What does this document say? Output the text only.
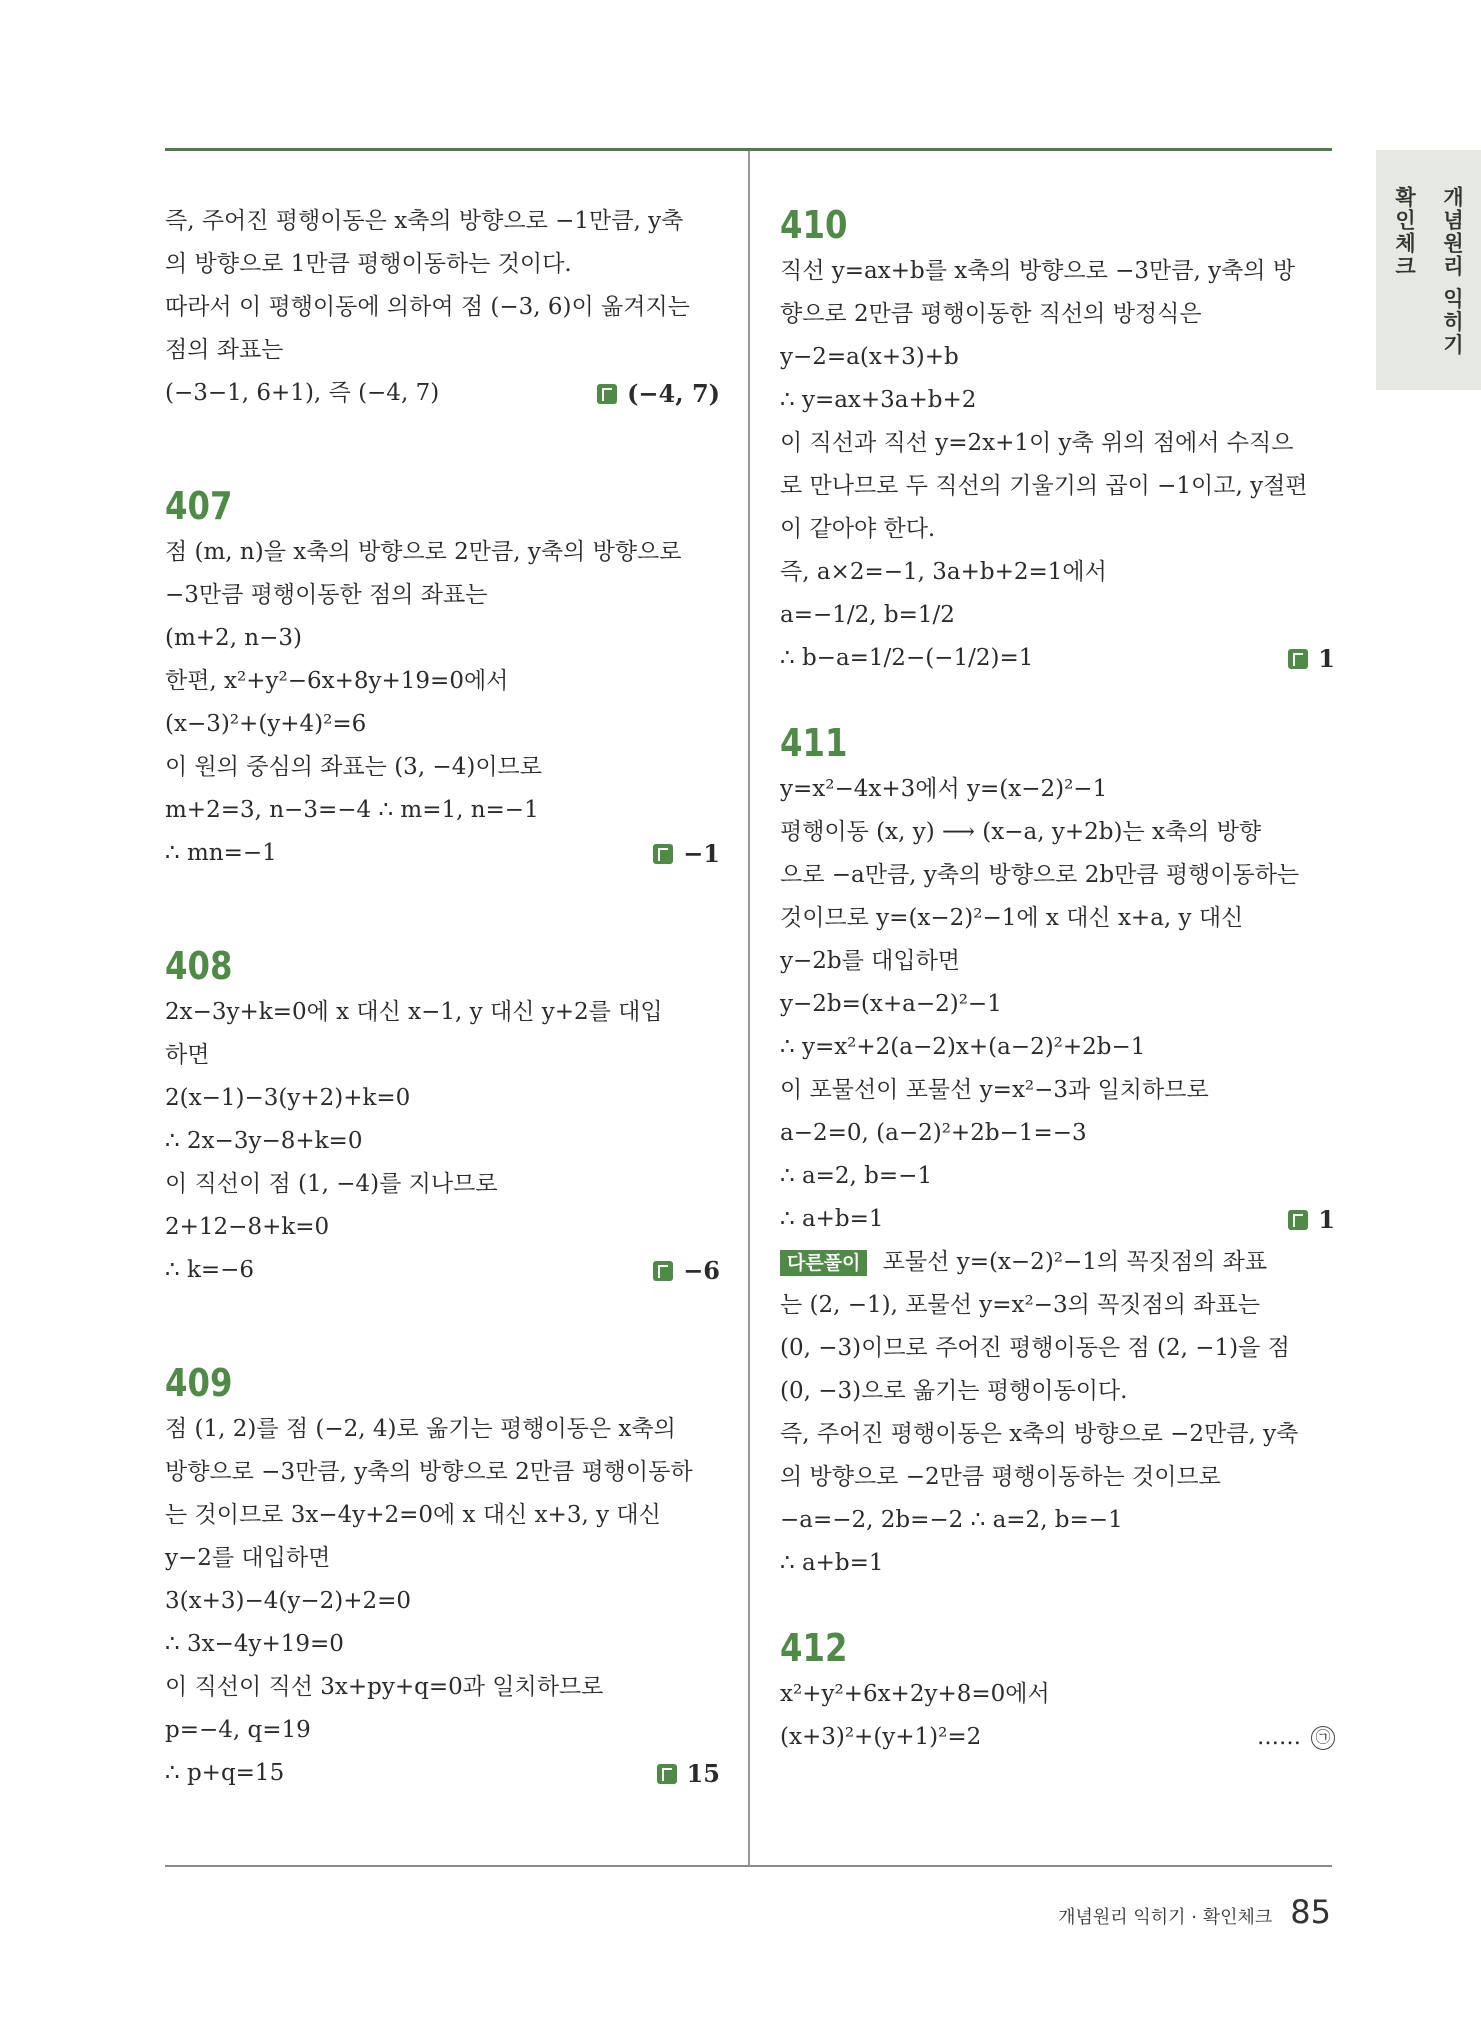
확인체크 개념원리 익히기
즉, 주어진 평행이동은 x축의 방향으로 −1만큼, y축
의 방향으로 1만큼 평행이동하는 것이다.
따라서 이 평행이동에 의하여 점 (−3, 6)이 옮겨지는
점의 좌표는
(−3−1, 6+1), 즉 (−4, 7)	(−4, 7)
407
점 (m, n)을 x축의 방향으로 2만큼, y축의 방향으로
−3만큼 평행이동한 점의 좌표는
(m+2, n−3)
한편, x²+y²−6x+8y+19=0에서
(x−3)²+(y+4)²=6
이 원의 중심의 좌표는 (3, −4)이므로
m+2=3, n−3=−4 ∴ m=1, n=−1
∴ mn=−1	−1
408
2x−3y+k=0에 x 대신 x−1, y 대신 y+2를 대입
하면
2(x−1)−3(y+2)+k=0
∴ 2x−3y−8+k=0
이 직선이 점 (1, −4)를 지나므로
2+12−8+k=0
∴ k=−6	−6
409
점 (1, 2)를 점 (−2, 4)로 옮기는 평행이동은 x축의
방향으로 −3만큼, y축의 방향으로 2만큼 평행이동하
는 것이므로 3x−4y+2=0에 x 대신 x+3, y 대신
y−2를 대입하면
3(x+3)−4(y−2)+2=0
∴ 3x−4y+19=0
이 직선이 직선 3x+py+q=0과 일치하므로
p=−4, q=19
∴ p+q=15	15
410
직선 y=ax+b를 x축의 방향으로 −3만큼, y축의 방
향으로 2만큼 평행이동한 직선의 방정식은
y−2=a(x+3)+b
∴ y=ax+3a+b+2
이 직선과 직선 y=2x+1이 y축 위의 점에서 수직으
로 만나므로 두 직선의 기울기의 곱이 −1이고, y절편
이 같아야 한다.
즉, a×2=−1, 3a+b+2=1에서
a=−1/2, b=1/2
∴ b−a=1/2−(−1/2)=1	1
411
y=x²−4x+3에서 y=(x−2)²−1
평행이동 (x, y) ⟶ (x−a, y+2b)는 x축의 방향
으로 −a만큼, y축의 방향으로 2b만큼 평행이동하는
것이므로 y=(x−2)²−1에 x 대신 x+a, y 대신
y−2b를 대입하면
y−2b=(x+a−2)²−1
∴ y=x²+2(a−2)x+(a−2)²+2b−1
이 포물선이 포물선 y=x²−3과 일치하므로
a−2=0, (a−2)²+2b−1=−3
∴ a=2, b=−1
∴ a+b=1	1
다른풀이 포물선 y=(x−2)²−1의 꼭짓점의 좌표
는 (2, −1), 포물선 y=x²−3의 꼭짓점의 좌표는
(0, −3)이므로 주어진 평행이동은 점 (2, −1)을 점
(0, −3)으로 옮기는 평행이동이다.
즉, 주어진 평행이동은 x축의 방향으로 −2만큼, y축
의 방향으로 −2만큼 평행이동하는 것이므로
−a=−2, 2b=−2 ∴ a=2, b=−1
∴ a+b=1
412
x²+y²+6x+2y+8=0에서
(x+3)²+(y+1)²=2	…… ㉠
개념원리 익히기 · 확인체크 85
